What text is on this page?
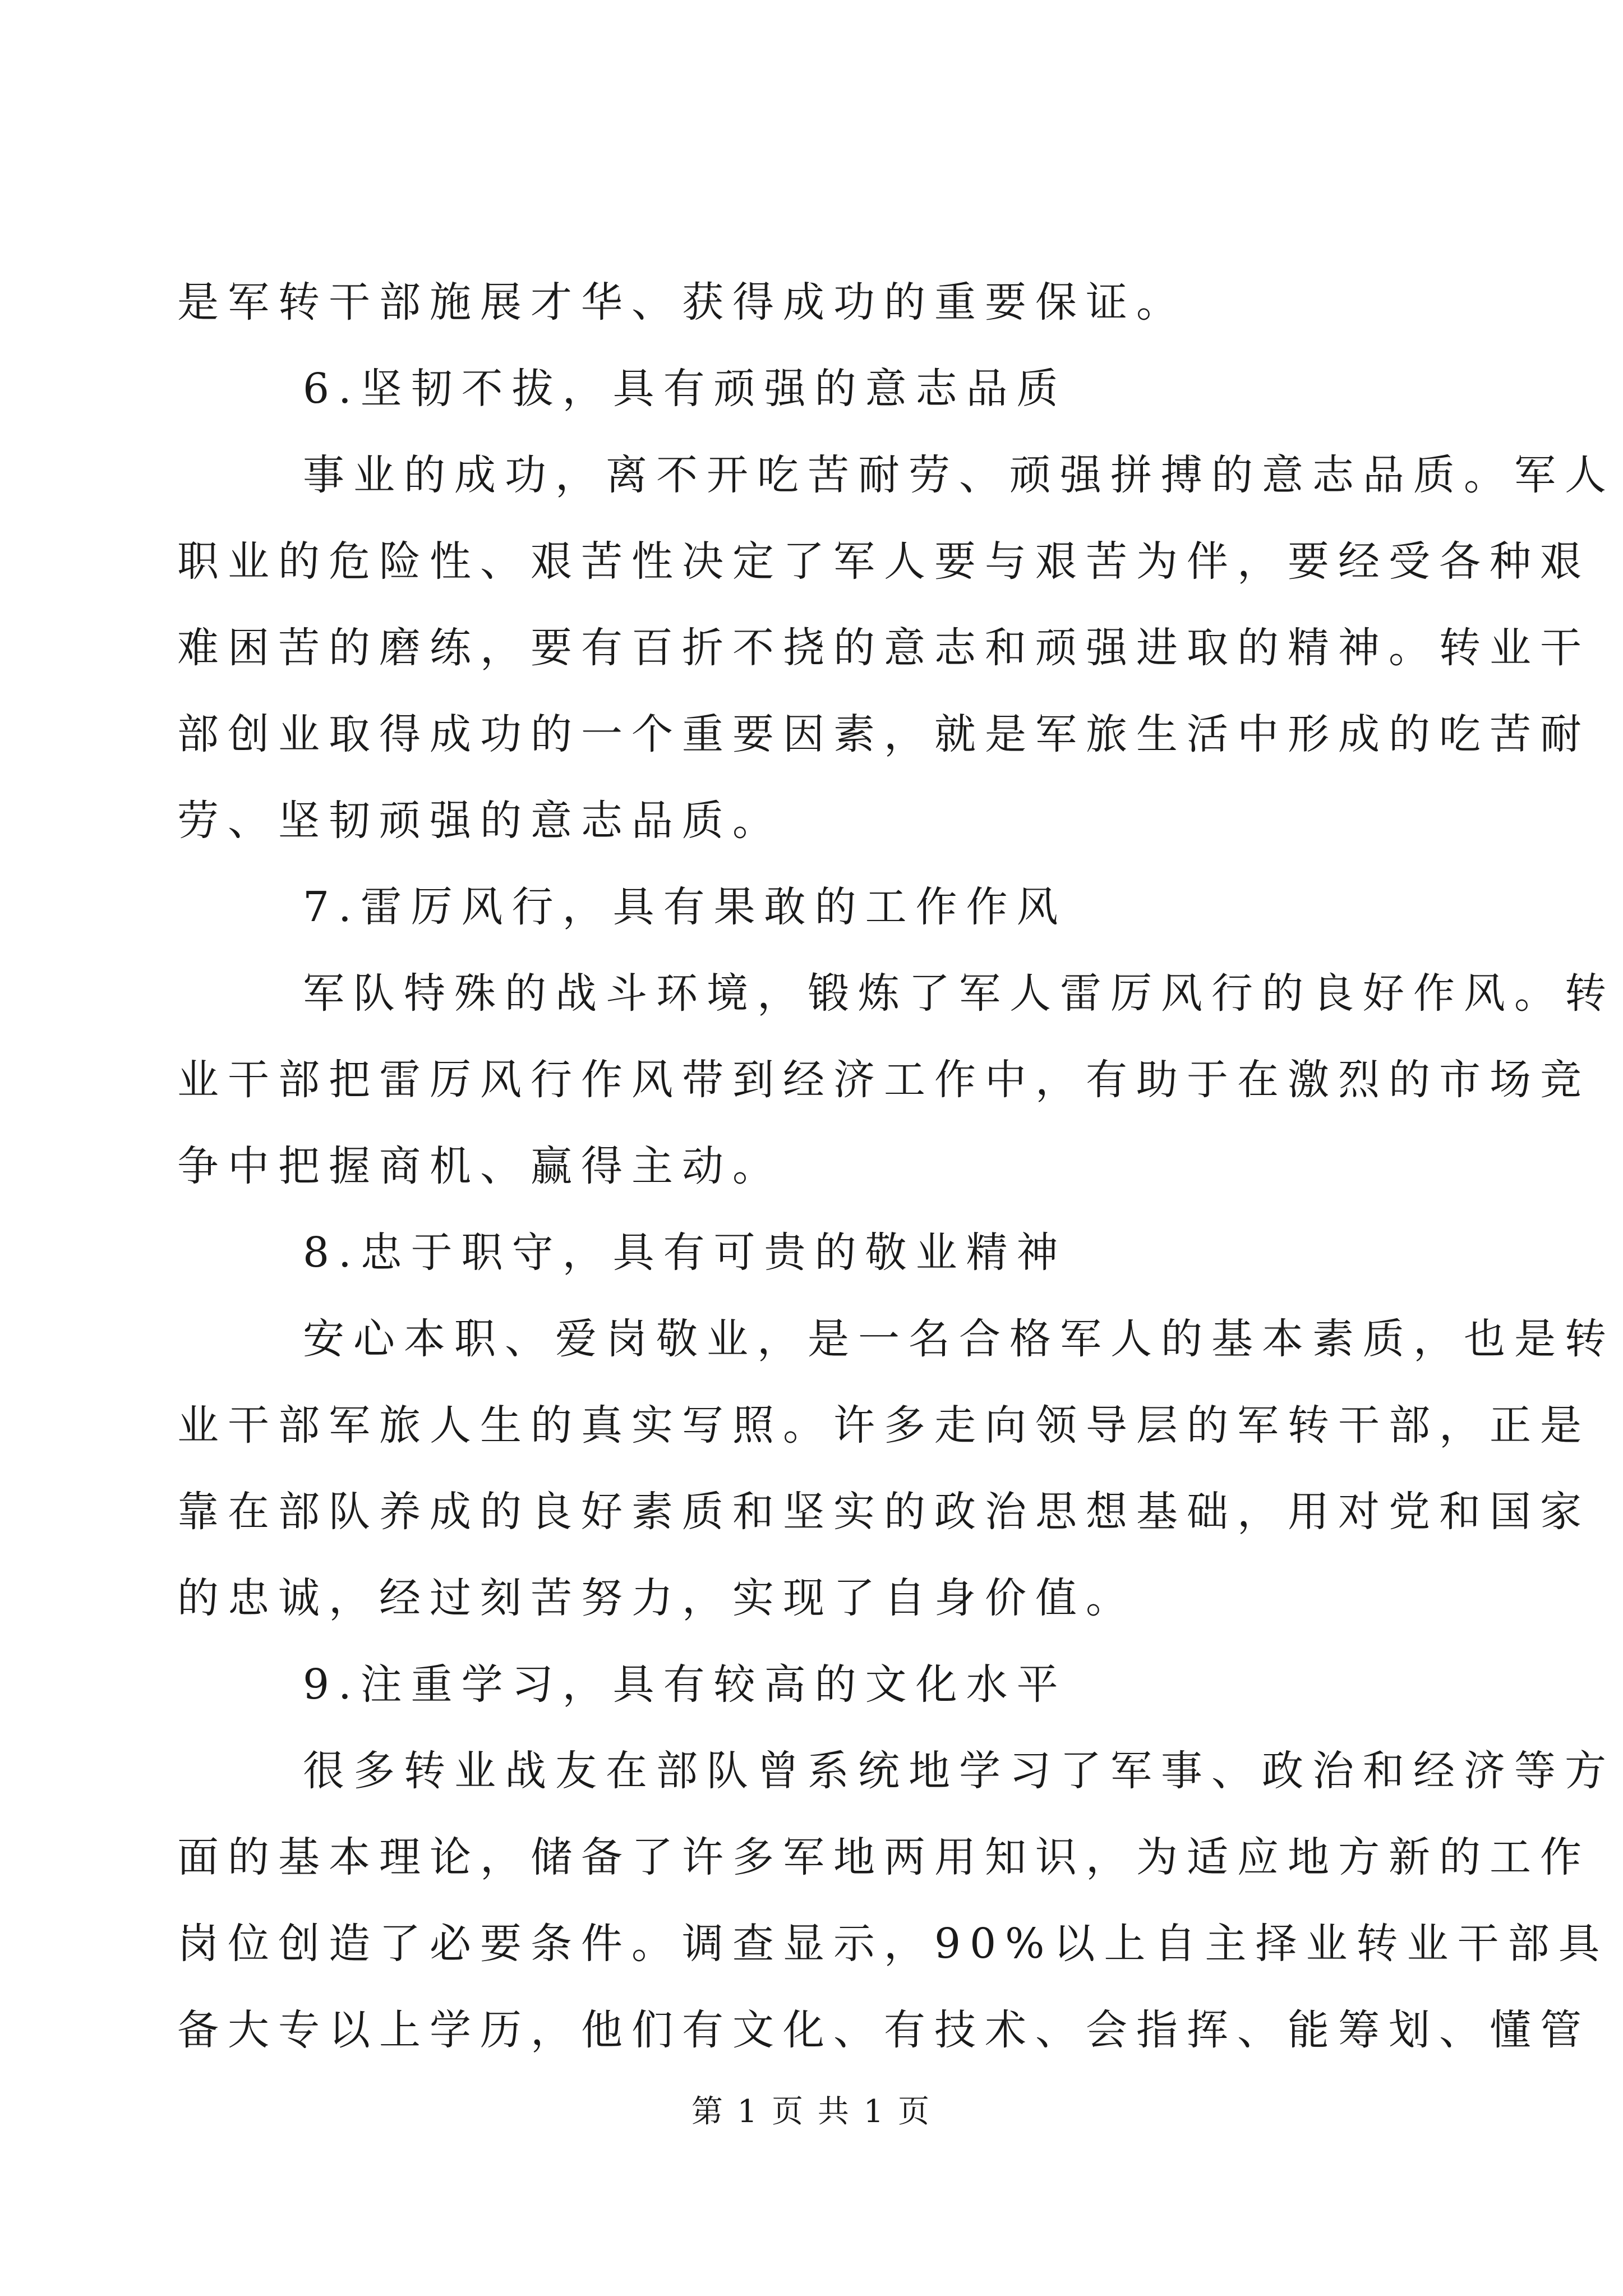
是军转干部施展才华、获得成功的重要保证。
6.坚韧不拔，具有顽强的意志品质
事业的成功，离不开吃苦耐劳、顽强拼搏的意志品质。军人
职业的危险性、艰苦性决定了军人要与艰苦为伴，要经受各种艰
难困苦的磨练，要有百折不挠的意志和顽强进取的精神。转业干
部创业取得成功的一个重要因素，就是军旅生活中形成的吃苦耐
劳、坚韧顽强的意志品质。
7.雷厉风行，具有果敢的工作作风
军队特殊的战斗环境，锻炼了军人雷厉风行的良好作风。转
业干部把雷厉风行作风带到经济工作中，有助于在激烈的市场竞
争中把握商机、赢得主动。
8.忠于职守，具有可贵的敬业精神
安心本职、爱岗敬业，是一名合格军人的基本素质，也是转
业干部军旅人生的真实写照。许多走向领导层的军转干部，正是
靠在部队养成的良好素质和坚实的政治思想基础，用对党和国家
的忠诚，经过刻苦努力，实现了自身价值。
9.注重学习，具有较高的文化水平
很多转业战友在部队曾系统地学习了军事、政治和经济等方
面的基本理论，储备了许多军地两用知识，为适应地方新的工作
岗位创造了必要条件。调查显示，90%以上自主择业转业干部具
备大专以上学历，他们有文化、有技术、会指挥、能筹划、懂管
第 1 页 共 1 页
